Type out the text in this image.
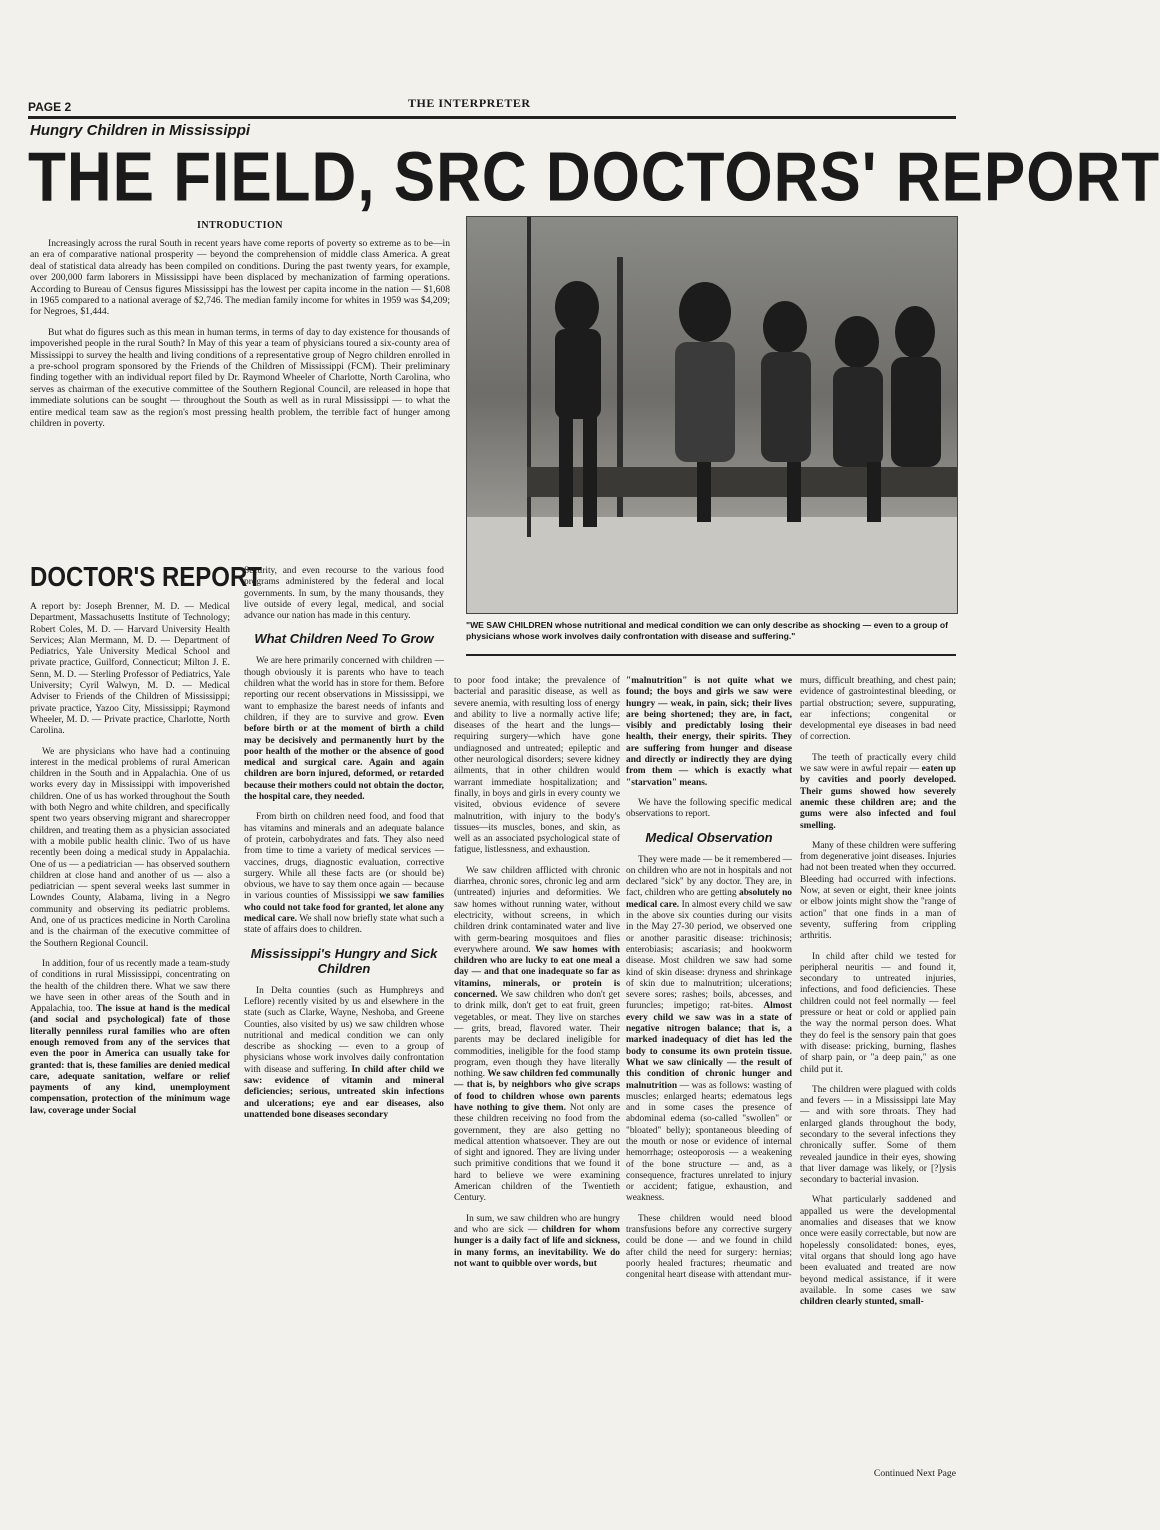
PAGE 2	THE INTERPRETER
Hungry Children in Mississippi
THE FIELD, SRC DOCTORS' REPORT
INTRODUCTION

Increasingly across the rural South in recent years have come reports of poverty so extreme as to be—in an era of comparative national prosperity — beyond the comprehension of middle class America. A great deal of statistical data already has been compiled on conditions. During the past twenty years, for example, over 200,000 farm laborers in Mississippi have been displaced by mechanization of farming operations. According to Bureau of Census figures Mississippi has the lowest per capita income in the nation — $1,608 in 1965 compared to a national average of $2,746. The median family income for whites in 1959 was $4,209; for Negroes, $1,444.

But what do figures such as this mean in human terms, in terms of day to day existence for thousands of impoverished people in the rural South? In May of this year a team of physicians toured a six-county area of Mississippi to survey the health and living conditions of a representative group of Negro children enrolled in a pre-school program sponsored by the Friends of the Children of Mississippi (FCM). Their preliminary finding together with an individual report filed by Dr. Raymond Wheeler of Charlotte, North Carolina, who serves as chairman of the executive committee of the Southern Regional Council, are released in hope that immediate solutions can be sought — throughout the South as well as in rural Mississippi — to what the entire medical team saw as the region's most pressing health problem, the terrible fact of hunger among children in poverty.

"WE SAW CHILDREN whose nutritional and medical condition we can only describe as shocking — even to a group of physicians whose work involves daily confrontation with disease and suffering."
DOCTOR'S REPORT

A report by: Joseph Brenner, M. D. — Medical Department, Massachusetts Institute of Technology; Robert Coles, M. D. — Harvard University Health Services; Alan Mermann, M. D. — Department of Pediatrics, Yale University Medical School and private practice, Guilford, Connecticut; Milton J. E. Senn, M. D. — Sterling Professor of Pediatrics, Yale University; Cyril Walwyn, M. D. — Medical Adviser to Friends of the Children of Mississippi; private practice, Yazoo City, Mississippi; Raymond Wheeler, M. D. — Private practice, Charlotte, North Carolina.

We are physicians who have had a continuing interest in the medical problems of rural American children in the South and in Appalachia. One of us works every day in Mississippi with impoverished children. One of us has worked throughout the South with both Negro and white children, and specifically spent two years observing migrant and sharecropper children, and treating them as a physician associated with a mobile public health clinic. Two of us have recently been doing a medical study in Appalachia. One of us — a pediatrician — has observed southern children at close hand and another of us — also a pediatrician — spent several weeks last summer in Lowndes County, Alabama, living in a Negro community and observing its pediatric problems. And, one of us practices medicine in North Carolina and is the chairman of the executive committee of the Southern Regional Council.

In addition, four of us recently made a team-study of conditions in rural Mississippi, concentrating on the health of the children there. What we saw there we have seen in other areas of the South and in Appalachia, too. The issue at hand is the medical (and social and psychological) fate of those literally penniless rural families who are often enough removed from any of the services that even the poor in America can usually take for granted: that is, these families are denied medical care, adequate sanitation, welfare or relief payments of any kind, unemployment compensation, protection of the minimum wage law, coverage under Social

Security, and even recourse to the various food programs administered by the federal and local governments. In sum, by the many thousands, they live outside of every legal, medical, and social advance our nation has made in this century.

What Children Need To Grow

We are here primarily concerned with children — though obviously it is parents who have to teach children what the world has in store for them. Before reporting our recent observations in Mississippi, we want to emphasize the barest needs of infants and children, if they are to survive and grow. Even before birth or at the moment of birth a child may be decisively and permanently hurt by the poor health of the mother or the absence of good medical and surgical care. Again and again children are born injured, deformed, or retarded because their mothers could not obtain the doctor, the hospital care, they needed.

From birth on children need food, and food that has vitamins and minerals and an adequate balance of protein, carbohydrates and fats. They also need from time to time a variety of medical services — vaccines, drugs, diagnostic evaluation, corrective surgery. While all these facts are (or should be) obvious, we have to say them once again — because in various counties of Mississippi we saw families who could not take food for granted, let alone any medical care. We shall now briefly state what such a state of affairs does to children.

Mississippi's Hungry and Sick Children

In Delta counties (such as Humphreys and Leflore) recently visited by us and elsewhere in the state (such as Clarke, Wayne, Neshoba, and Greene Counties, also visited by us) we saw children whose nutritional and medical condition we can only describe as shocking — even to a group of physicians whose work involves daily confrontation with disease and suffering. In child after child we saw: evidence of vitamin and mineral deficiencies; serious, untreated skin infections and ulcerations; eye and ear diseases, also unattended bone diseases secondary

to poor food intake; the prevalence of bacterial and parasitic disease, as well as severe anemia, with resulting loss of energy and ability to live a normally active life; diseases of the heart and the lungs—requiring surgery—which have gone undiagnosed and untreated; epileptic and other neurological disorders; severe kidney ailments, that in other children would warrant immediate hospitalization; and finally, in boys and girls in every county we visited, obvious evidence of severe malnutrition, with injury to the body's tissues—its muscles, bones, and skin, as well as an associated psychological state of fatigue, listlessness, and exhaustion.

We saw children afflicted with chronic diarrhea, chronic sores, chronic leg and arm (untreated) injuries and deformities. We saw homes without running water, without electricity, without screens, in which children drink contaminated water and live with germ-bearing mosquitoes and flies everywhere around. We saw homes with children who are lucky to eat one meal a day — and that one inadequate so far as vitamins, minerals, or protein is concerned. We saw children who don't get to drink milk, don't get to eat fruit, green vegetables, or meat. They live on starches — grits, bread, flavored water. Their parents may be declared ineligible for commodities, ineligible for the food stamp program, even though they have literally nothing. We saw children fed communally — that is, by neighbors who give scraps of food to children whose own parents have nothing to give them. Not only are these children receiving no food from the government, they are also getting no medical attention whatsoever. They are out of sight and ignored. They are living under such primitive conditions that we found it hard to believe we were examining American children of the Twentieth Century.

In sum, we saw children who are hungry and who are sick — children for whom hunger is a daily fact of life and sickness, in many forms, an inevitability. We do not want to quibble over words, but

"malnutrition" is not quite what we found; the boys and girls we saw were hungry — weak, in pain, sick; their lives are being shortened; they are, in fact, visibly and predictably losing their health, their energy, their spirits. They are suffering from hunger and disease and directly or indirectly they are dying from them — which is exactly what "starvation" means.

We have the following specific medical observations to report.

Medical Observation

They were made — be it remembered — on children who are not in hospitals and not declared "sick" by any doctor. They are, in fact, children who are getting absolutely no medical care. In almost every child we saw in the above six counties during our visits in the May 27-30 period, we observed one or another parasitic disease: trichinosis; enterobiasis; ascariasis; and hookworm disease. Most children we saw had some kind of skin disease: dryness and shrinkage of skin due to malnutrition; ulcerations; severe sores; rashes; boils, abcesses, and furuncles; impetigo; rat-bites. Almost every child we saw was in a state of negative nitrogen balance; that is, a marked inadequacy of diet has led the body to consume its own protein tissue. What we saw clinically — the result of this condition of chronic hunger and malnutrition — was as follows: wasting of muscles; enlarged hearts; edematous legs and in some cases the presence of abdominal edema (so-called "swollen" or "bloated" belly); spontaneous bleeding of the mouth or nose or evidence of internal hemorrhage; osteoporosis — a weakening of the bone structure — and, as a consequence, fractures unrelated to injury or accident; fatigue, exhaustion, and weakness.

These children would need blood transfusions before any corrective surgery could be done — and we found in child after child the need for surgery: hernias; poorly healed fractures; rheumatic and congenital heart disease with attendant mur-

murs, difficult breathing, and chest pain; evidence of gastrointestinal bleeding, or partial obstruction; severe, suppurating, ear infections; congenital or developmental eye diseases in bad need of correction.

The teeth of practically every child we saw were in awful repair — eaten up by cavities and poorly developed. Their gums showed how severely anemic these children are; and the gums were also infected and foul smelling.

Many of these children were suffering from degenerative joint diseases. Injuries had not been treated when they occurred. Bleeding had occurred with infections. Now, at seven or eight, their knee joints or elbow joints might show the "range of action" that one finds in a man of seventy, suffering from crippling arthritis.

In child after child we tested for peripheral neuritis — and found it, secondary to untreated injuries, infections, and food deficiencies. These children could not feel normally — feel pressure or heat or cold or applied pain the way the normal person does. What they do feel is the sensory pain that goes with disease: pricking, burning, flashes of sharp pain, or "a deep pain," as one child put it.

The children were plagued with colds and fevers — in a Mississippi late May — and with sore throats. They had enlarged glands throughout the body, secondary to the several infections they chronically suffer. Some of them revealed jaundice in their eyes, showing that liver damage was likely, or [?]ysis secondary to bacterial invasion.

What particularly saddened and appalled us were the developmental anomalies and diseases that we know once were easily correctable, but now are hopelessly consolidated: bones, eyes, vital organs that should long ago have been evaluated and treated are now beyond medical assistance, if it were available. In some cases we saw children clearly stunted, small-

Continued Next Page
